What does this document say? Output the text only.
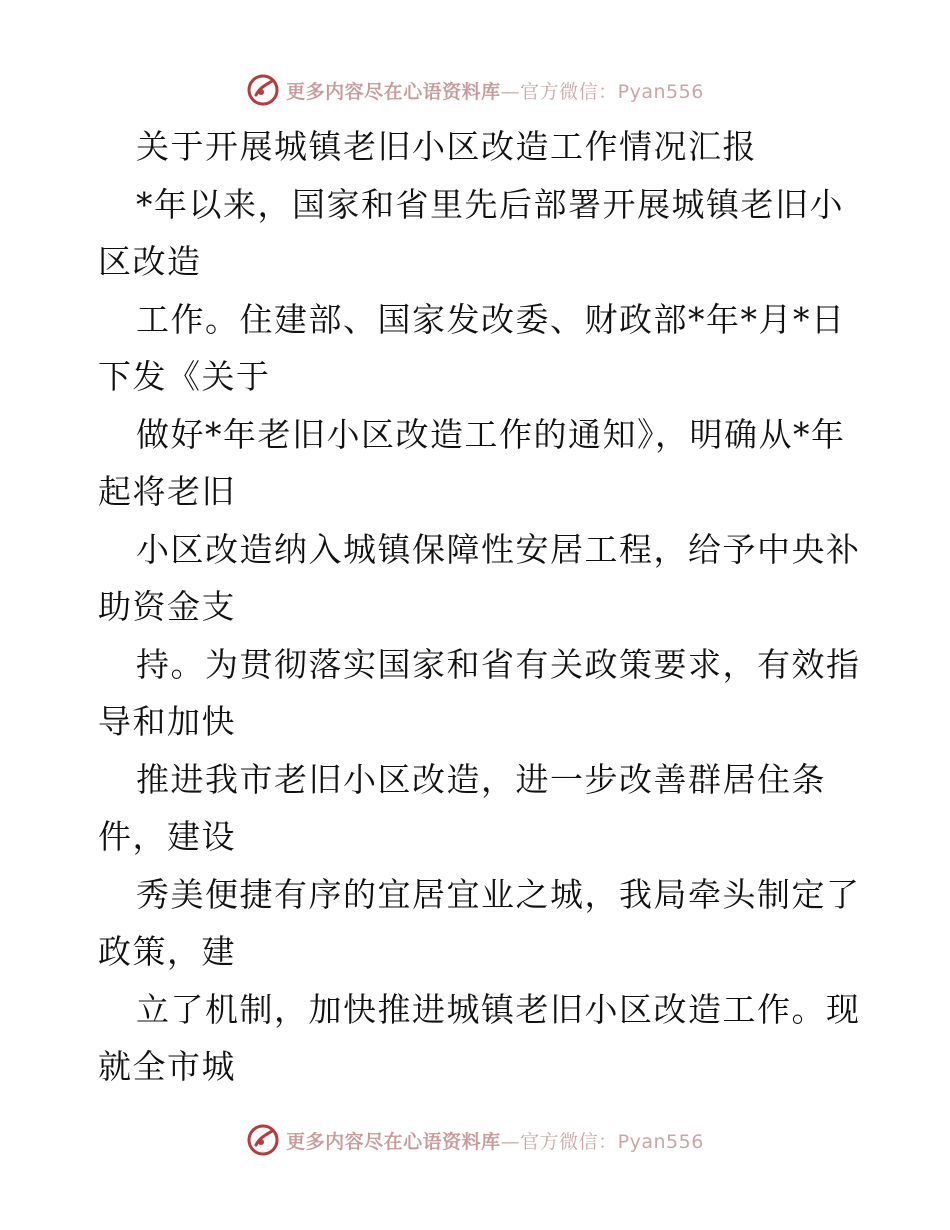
更多内容尽在心语资料库—官方微信：Pyan556
关于开展城镇老旧小区改造工作情况汇报
*年以来，国家和省里先后部署开展城镇老旧小
区改造
工作。住建部、国家发改委、财政部*年*月*日
下发《关于
做好*年老旧小区改造工作的通知》，明确从*年
起将老旧
小区改造纳入城镇保障性安居工程，给予中央补
助资金支
持。为贯彻落实国家和省有关政策要求，有效指
导和加快
推进我市老旧小区改造，进一步改善群居住条
件，建设
秀美便捷有序的宜居宜业之城，我局牵头制定了
政策，建
立了机制，加快推进城镇老旧小区改造工作。现
就全市城
更多内容尽在心语资料库—官方微信：Pyan556
